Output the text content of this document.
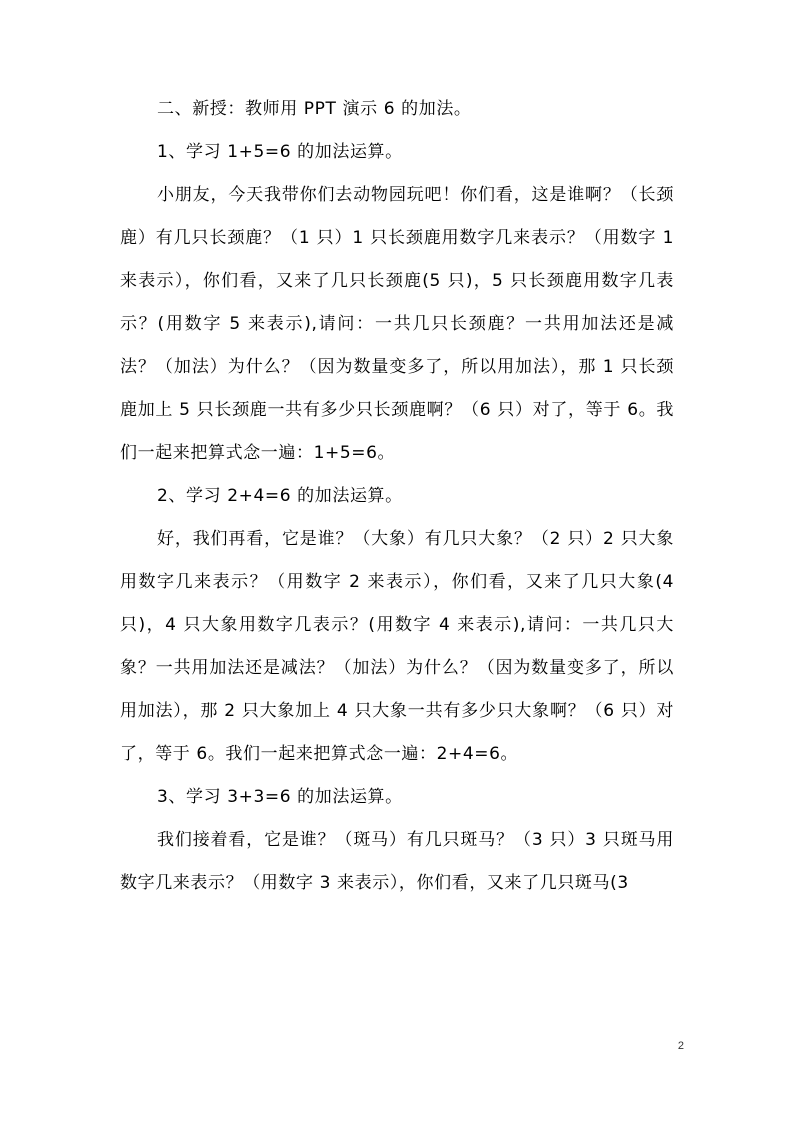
二、新授：教师用 PPT 演示 6 的加法。

1、学习 1+5=6 的加法运算。

小朋友，今天我带你们去动物园玩吧！你们看，这是谁啊？（长颈鹿）有几只长颈鹿？（1 只）1 只长颈鹿用数字几来表示？（用数字 1 来表示），你们看，又来了几只长颈鹿(5 只)，5 只长颈鹿用数字几表示？(用数字 5 来表示),请问：一共几只长颈鹿？一共用加法还是减法？（加法）为什么？（因为数量变多了，所以用加法），那 1 只长颈鹿加上 5 只长颈鹿一共有多少只长颈鹿啊？（6 只）对了，等于 6。我们一起来把算式念一遍：1+5=6。

2、学习 2+4=6 的加法运算。

好，我们再看，它是谁？（大象）有几只大象？（2 只）2 只大象用数字几来表示？（用数字 2 来表示），你们看，又来了几只大象(4 只)，4 只大象用数字几表示？(用数字 4 来表示),请问：一共几只大象？一共用加法还是减法？（加法）为什么？（因为数量变多了，所以用加法），那 2 只大象加上 4 只大象一共有多少只大象啊？（6 只）对了，等于 6。我们一起来把算式念一遍：2+4=6。

3、学习 3+3=6 的加法运算。

我们接着看，它是谁？（斑马）有几只斑马？（3 只）3 只斑马用数字几来表示？（用数字 3 来表示），你们看，又来了几只斑马(3

2
